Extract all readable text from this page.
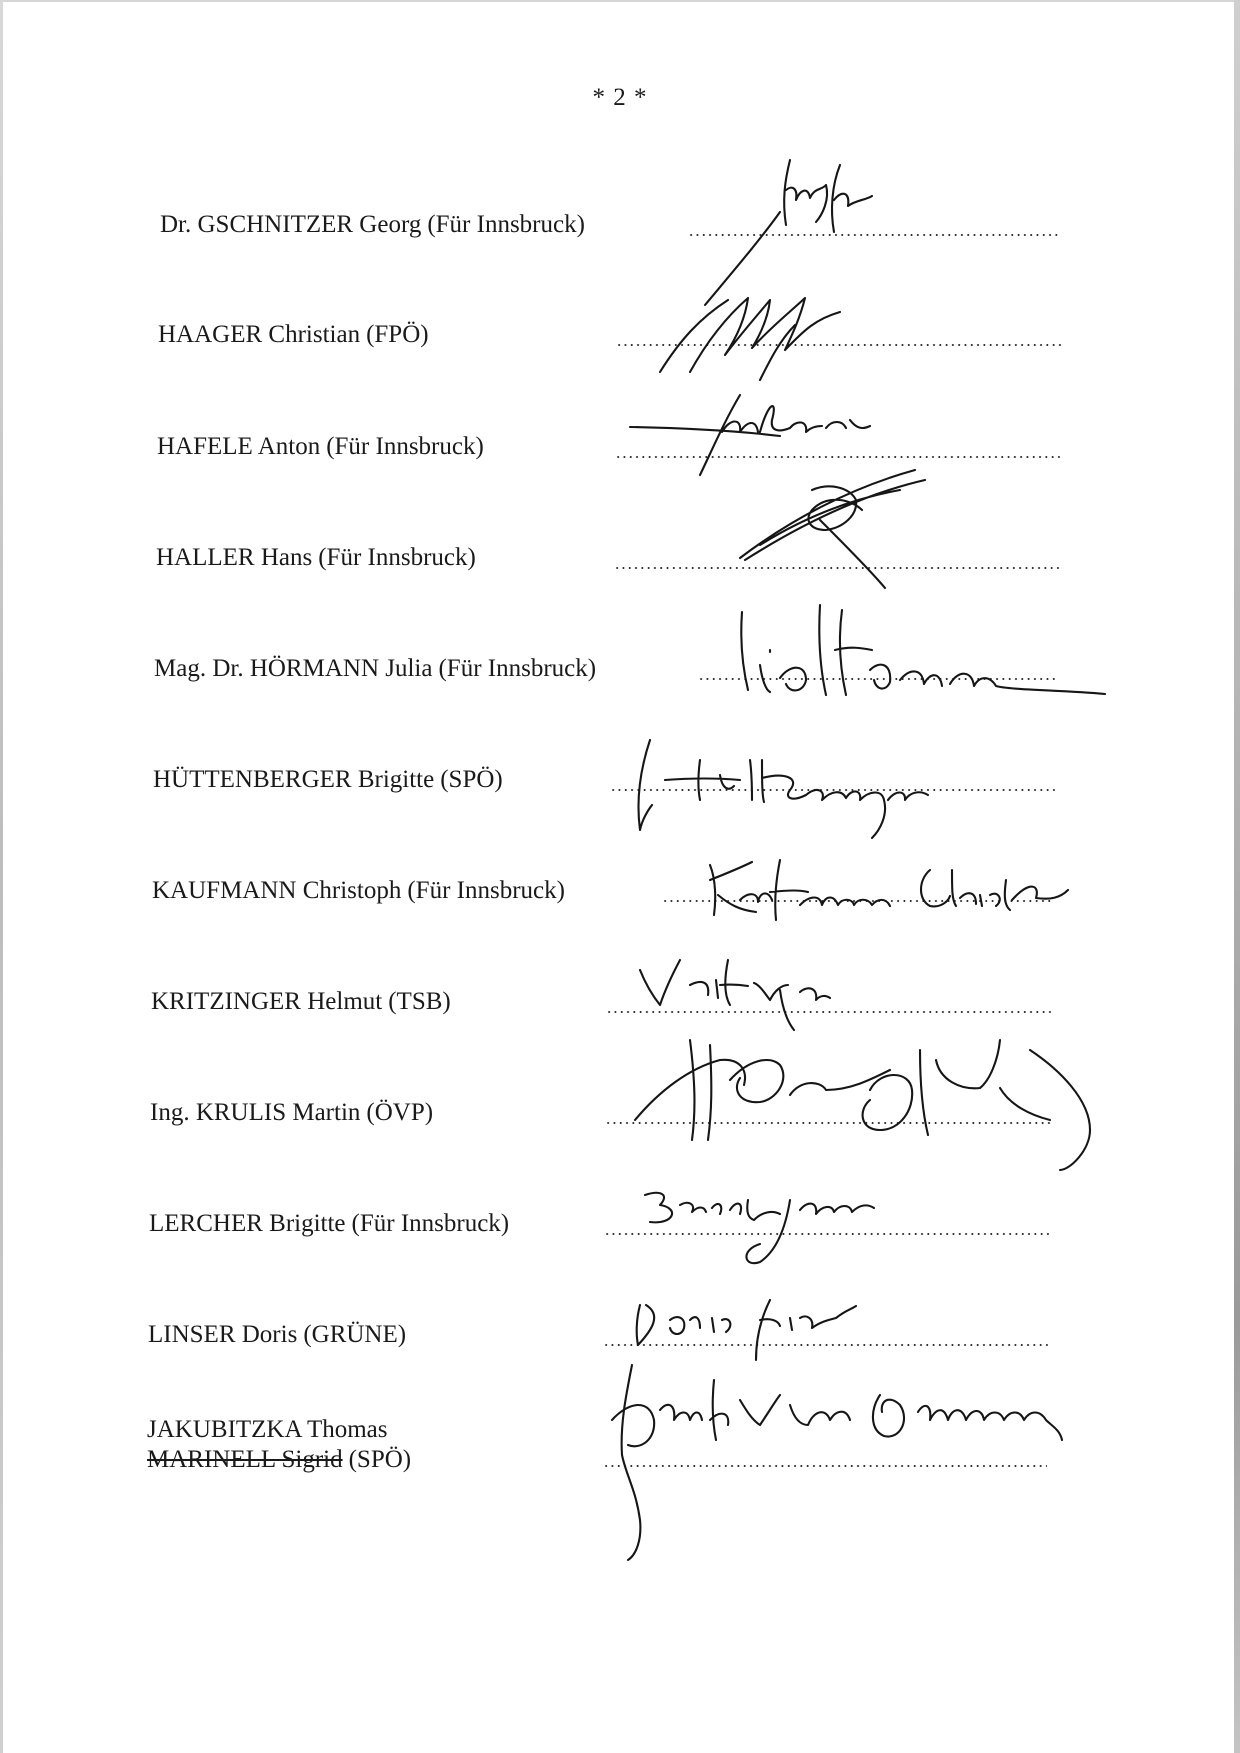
* 2 *
Dr. GSCHNITZER Georg (Für Innsbruck)
HAAGER Christian (FPÖ)
HAFELE Anton (Für Innsbruck)
HALLER Hans (Für Innsbruck)
Mag. Dr. HÖRMANN Julia (Für Innsbruck)
HÜTTENBERGER Brigitte (SPÖ)
KAUFMANN Christoph (Für Innsbruck)
KRITZINGER Helmut (TSB)
Ing. KRULIS Martin (ÖVP)
LERCHER Brigitte (Für Innsbruck)
LINSER Doris (GRÜNE)
JAKUBITZKA Thomas
MARINELL Sigrid (SPÖ)
